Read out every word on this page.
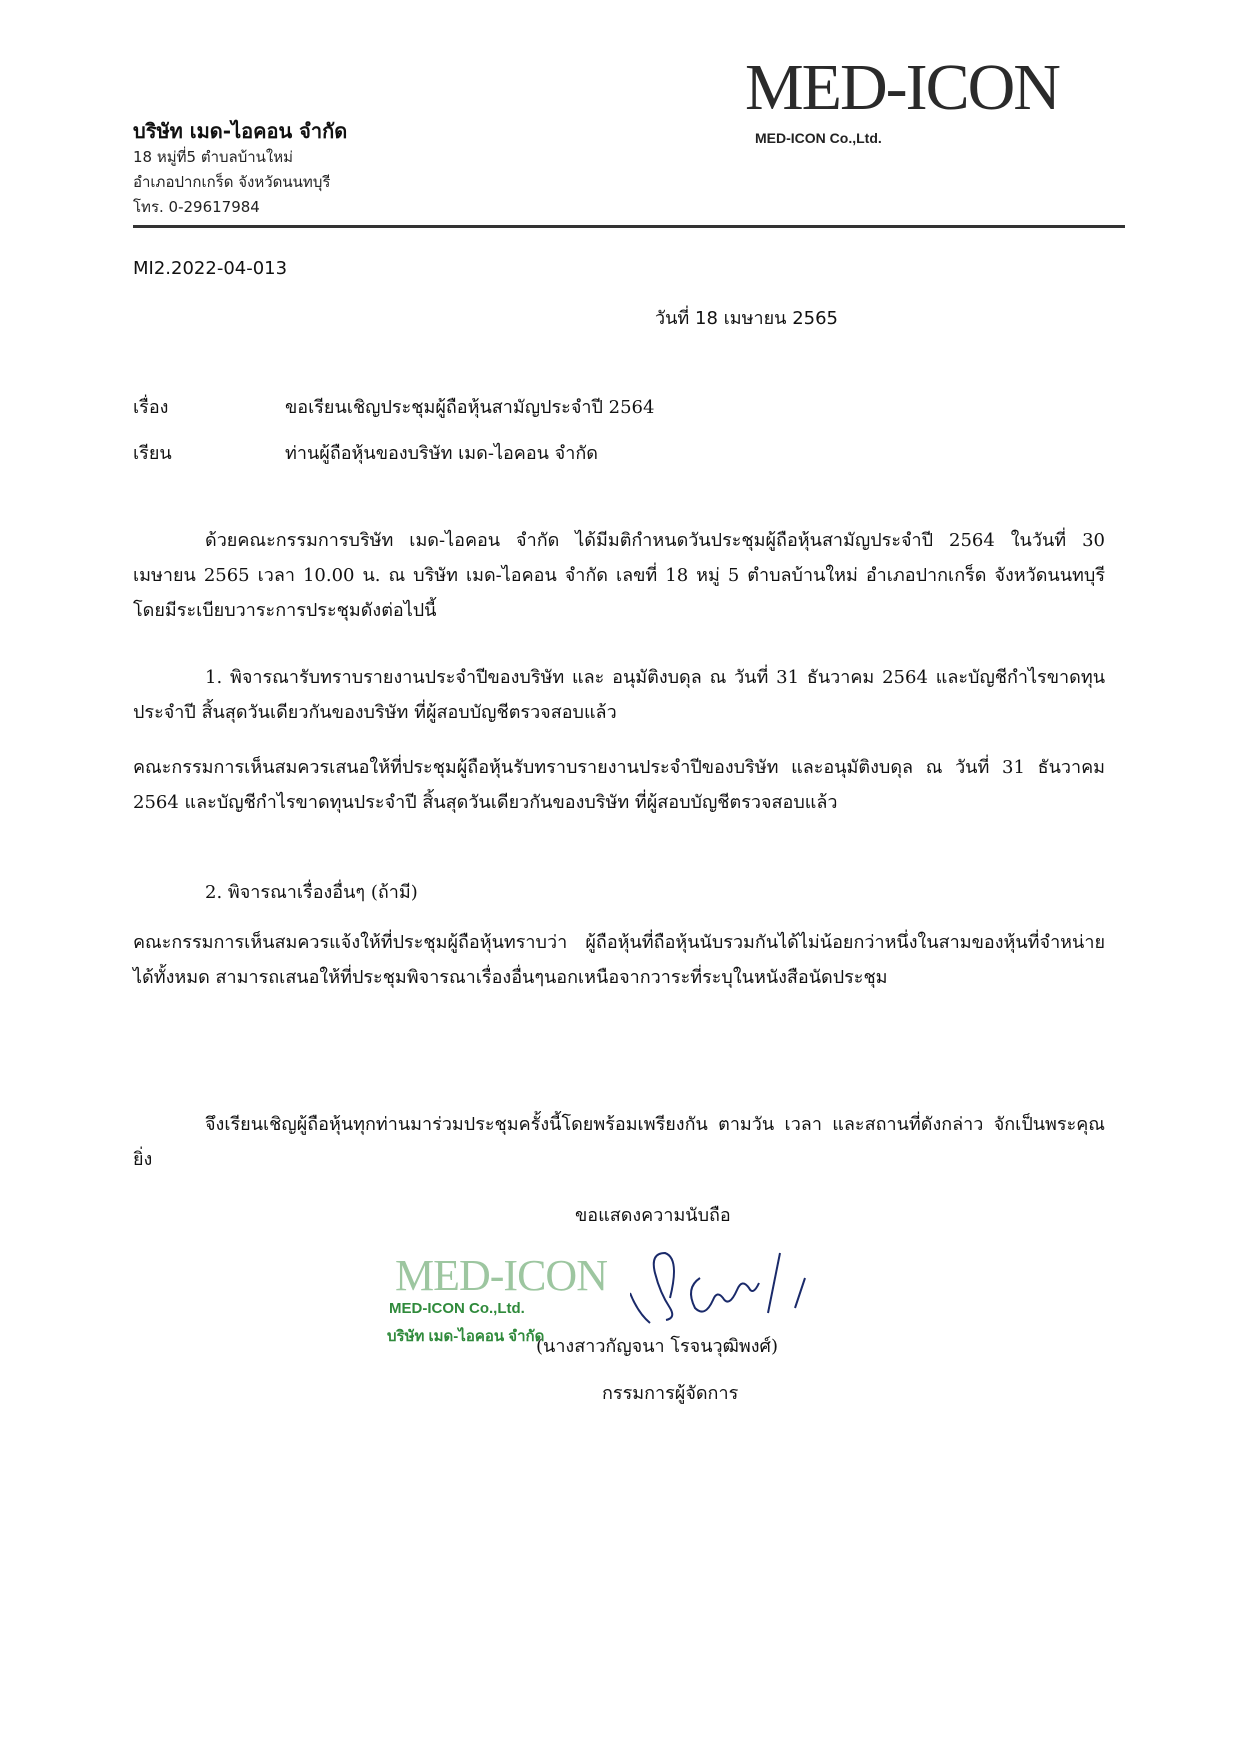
บริษัท เมด-ไอคอน จำกัด
18 หมู่ที่5 ตำบลบ้านใหม่
อำเภอปากเกร็ด จังหวัดนนทบุรี
โทร. 0-29617984
MED-ICON
MED-ICON Co.,Ltd.
MI2.2022-04-013
วันที่ 18 เมษายน 2565
เรื่อง	ขอเรียนเชิญประชุมผู้ถือหุ้นสามัญประจำปี 2564
เรียน	ท่านผู้ถือหุ้นของบริษัท เมด-ไอคอน จำกัด

ด้วยคณะกรรมการบริษัท เมด-ไอคอน จำกัด ได้มีมติกำหนดวันประชุมผู้ถือหุ้นสามัญประจำปี 2564 ในวันที่ 30 เมษายน 2565 เวลา 10.00 น. ณ บริษัท เมด-ไอคอน จำกัด เลขที่ 18 หมู่ 5 ตำบลบ้านใหม่ อำเภอปากเกร็ด จังหวัดนนทบุรี โดยมีระเบียบวาระการประชุมดังต่อไปนี้

1. พิจารณารับทราบรายงานประจำปีของบริษัท และ อนุมัติงบดุล ณ วันที่ 31 ธันวาคม 2564 และบัญชีกำไรขาดทุนประจำปี สิ้นสุดวันเดียวกันของบริษัท ที่ผู้สอบบัญชีตรวจสอบแล้ว

คณะกรรมการเห็นสมควรเสนอให้ที่ประชุมผู้ถือหุ้นรับทราบรายงานประจำปีของบริษัท และอนุมัติงบดุล ณ วันที่ 31 ธันวาคม 2564 และบัญชีกำไรขาดทุนประจำปี สิ้นสุดวันเดียวกันของบริษัท ที่ผู้สอบบัญชีตรวจสอบแล้ว

2. พิจารณาเรื่องอื่นๆ (ถ้ามี)

คณะกรรมการเห็นสมควรแจ้งให้ที่ประชุมผู้ถือหุ้นทราบว่า ผู้ถือหุ้นที่ถือหุ้นนับรวมกันได้ไม่น้อยกว่าหนึ่งในสามของหุ้นที่จำหน่ายได้ทั้งหมด สามารถเสนอให้ที่ประชุมพิจารณาเรื่องอื่นๆนอกเหนือจากวาระที่ระบุในหนังสือนัดประชุม

จึงเรียนเชิญผู้ถือหุ้นทุกท่านมาร่วมประชุมครั้งนี้โดยพร้อมเพรียงกัน ตามวัน เวลา และสถานที่ดังกล่าว จักเป็นพระคุณยิ่ง

ขอแสดงความนับถือ
MED-ICON
MED-ICON Co.,Ltd.
บริษัท เมด-ไอคอน จำกัด
(นางสาวกัญจนา โรจนวุฒิพงศ์)
กรรมการผู้จัดการ
